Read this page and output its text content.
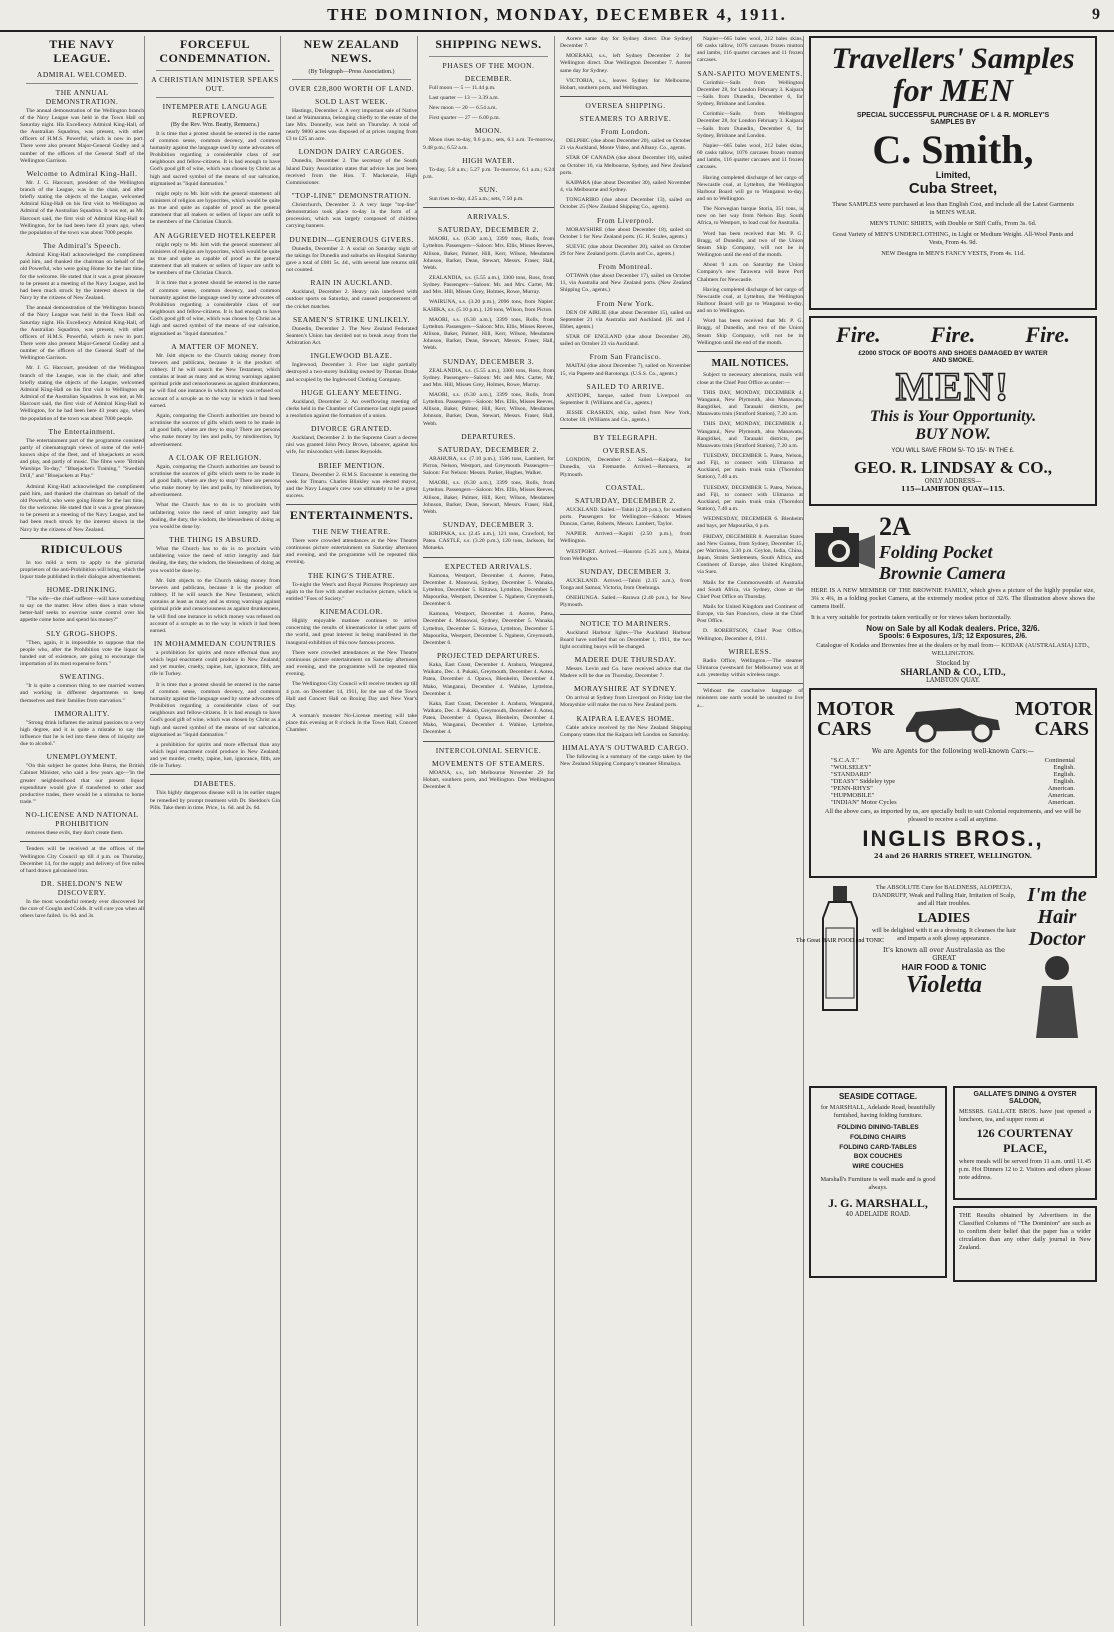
THE DOMINION, MONDAY, DECEMBER 4, 1911.	9
THE NAVY LEAGUE.
ADMIRAL WELCOMED.
THE ANNUAL DEMONSTRATION.

The annual demonstration of the Wellington branch of the Navy League was held in the Town Hall on Saturday night. His Excellency Admiral King-Hall, of the Australian Squadron, was present, with other officers of H.M.S. Powerful, which is now in port. There were also present Major-General Godley and a number of the officers of the General Staff of the Wellington Garrison.

Welcome to Admiral King-Hall.

Mr. J. G. Harcourt, president of the Wellington branch of the League, was in the chair, and after briefly stating the objects of the League, welcomed Admiral King-Hall on his first visit to Wellington as Admiral of the Australian Squadron. It was not, as Mr. Harcourt said, the first visit of Admiral King-Hall to Wellington, for he had been here 43 years ago, when the population of the town was about 7000 people.

The Admiral's Speech.

Admiral King-Hall acknowledged the compliment paid him, and thanked the chairman on behalf of the old Powerful, who were going Home for the last time, for the welcome. He stated that it was a great pleasure to be present at a meeting of the Navy League, and he had been much struck by the interest shown in the Navy by the citizens of New Zealand.

The annual demonstration of the Wellington branch of the Navy League was held in the Town Hall on Saturday night. His Excellency Admiral King-Hall, of the Australian Squadron, was present, with other officers of H.M.S. Powerful, which is now in port. There were also present Major-General Godley and a number of the officers of the General Staff of the Wellington Garrison.

Mr. J. G. Harcourt, president of the Wellington branch of the League, was in the chair, and after briefly stating the objects of the League, welcomed Admiral King-Hall on his first visit to Wellington as Admiral of the Australian Squadron. It was not, as Mr. Harcourt said, the first visit of Admiral King-Hall to Wellington, for he had been here 43 years ago, when the population of the town was about 7000 people.

The Entertainment.

The entertainment part of the programme consisted partly of cinematograph views of some of the well-known ships of the fleet, and of bluejackets at work and play, and partly of music. The films were "British Warships To-day," "Bluejacket's Training," "Swedish Drill," and "Bluejackets at Play."

Admiral King-Hall acknowledged the compliment paid him, and thanked the chairman on behalf of the old Powerful, who were going Home for the last time, for the welcome. He stated that it was a great pleasure to be present at a meeting of the Navy League, and he had been much struck by the interest shown in the Navy by the citizens of New Zealand.

RIDICULOUS

In too mild a term to apply to the pictorial proprietors of the anti-Prohibition will bring, which the liquor trade published in their dialogue advertisement.

HOME-DRINKING.

"The wife—the chief sufferer—will have something to say on the matter. How often does a man whose better-half seeks to exercise some control over his appetite come home and spend his money?"

SLY GROG-SHOPS.

"Then, again, it is impossible to suppose that the people who, after the Prohibition vote the liquor is handed out of existence, are going to encourage the importation of its most expensive form."

SWEATING.

"It is quite a common thing to see married women and working in different departments to keep themselves and their families from starvation."

IMMORALITY.

"Strong drink inflames the animal passions to a very high degree, and it is quite a mistake to say the influence that he is led into these dens of iniquity are due to alcohol."

UNEMPLOYMENT.

"On this subject he quotes John Burns, the British Cabinet Minister, who said a few years ago—'In the greater neighbourhood that our present liquor expenditure would give if transferred to other and productive trades, there would be a stimulus to home trade.'"

NO-LICENSE AND NATIONAL PROHIBITION

removes these evils, they don't create them.

Tenders will be received at the offices of the Wellington City Council up till 4 p.m. on Thursday, December 14, for the supply and delivery of five miles of hard drawn galvanised iron.

DR. SHELDON'S NEW DISCOVERY.

In the most wonderful remedy ever discovered for the cure of Coughs and Colds. It will cure you when all others have failed. 1s. 6d. and 3s.

FORCEFUL CONDEMNATION.
A CHRISTIAN MINISTER SPEAKS OUT.
INTEMPERATE LANGUAGE REPROVED.
(By the Rev. Wm. Beatty, Remuera.)

It is time that a protest should be entered in the name of common sense, common decency, and common humanity against the language used by some advocates of Prohibition regarding a considerable class of our neighbours and fellow-citizens. It is bad enough to have God's good gift of wine, which was chosen by Christ as a high and sacred symbol of the means of our salvation, stigmatised as "liquid damnation."

might reply to Mr. Isitt with the general statement: all ministers of religion are hypocrites, which would be quite as true and quite as capable of proof as the general statement that all makers or sellers of liquor are unfit to be members of the Christian Church.

AN AGGRIEVED HOTELKEEPER

might reply to Mr. Isitt with the general statement: all ministers of religion are hypocrites, which would be quite as true and quite as capable of proof as the general statement that all makers or sellers of liquor are unfit to be members of the Christian Church.

It is time that a protest should be entered in the name of common sense, common decency, and common humanity against the language used by some advocates of Prohibition regarding a considerable class of our neighbours and fellow-citizens. It is bad enough to have God's good gift of wine, which was chosen by Christ as a high and sacred symbol of the means of our salvation, stigmatised as "liquid damnation."

A MATTER OF MONEY.

Mr. Isitt objects to the Church taking money from brewers and publicans, because it is the product of robbery. If he will search the New Testament, which contains at least as many and as strong warnings against spiritual pride and censoriousness as against drunkenness, he will find one instance in which money was refused on account of a scruple as to the way in which it had been earned.

Again, comparing the Church authorities are bound to scrutinise the sources of gifts which seem to be made in all good faith, where are they to stop? There are persons who make money by lies and pulls, by misdirection, by advertisement.

A CLOAK OF RELIGION.

Again, comparing the Church authorities are bound to scrutinise the sources of gifts which seem to be made in all good faith, where are they to stop? There are persons who make money by lies and pulls, by misdirection, by advertisement.

What the Church has to do is to proclaim with unfaltering voice the need of strict integrity and fair dealing, the duty, the wisdom, the blessedness of doing as you would be done by.

THE THING IS ABSURD.

What the Church has to do is to proclaim with unfaltering voice the need of strict integrity and fair dealing, the duty, the wisdom, the blessedness of doing as you would be done by.

Mr. Isitt objects to the Church taking money from brewers and publicans, because it is the product of robbery. If he will search the New Testament, which contains at least as many and as strong warnings against spiritual pride and censoriousness as against drunkenness, he will find one instance in which money was refused on account of a scruple as to the way in which it had been earned.

IN MOHAMMEDAN COUNTRIES

a prohibition for spirits and more effectual than any which legal enactment could produce in New Zealand; and yet murder, cruelty, rapine, lust, ignorance, filth, are rife in Turkey.

It is time that a protest should be entered in the name of common sense, common decency, and common humanity against the language used by some advocates of Prohibition regarding a considerable class of our neighbours and fellow-citizens. It is bad enough to have God's good gift of wine, which was chosen by Christ as a high and sacred symbol of the means of our salvation, stigmatised as "liquid damnation."

a prohibition for spirits and more effectual than any which legal enactment could produce in New Zealand; and yet murder, cruelty, rapine, lust, ignorance, filth, are rife in Turkey.

DIABETES.

This highly dangerous disease will in its earlier stages be remedied by prompt treatment with Dr. Sheldon's Gin Pills. Take them in time. Price, 1s. 6d. and 2s. 6d.

NEW ZEALAND NEWS.
(By Telegraph—Press Association.)
OVER £28,800 WORTH OF LAND.
SOLD LAST WEEK.

Hastings, December 2. A very important sale of Native land at Waimarama, belonging chiefly to the estate of the late Mrs. Donnelly, was held on Thursday. A total of nearly 9800 acres was disposed of at prices ranging from £3 to £25 an acre.

LONDON DAIRY CARGOES.

Dunedin, December 2. The secretary of the South Island Dairy Association states that advice has just been received from the Hon. T. Mackenzie, High Commissioner.

"TOP-LINE" DEMONSTRATION.

Christchurch, December 2. A very large "top-line" demonstration took place to-day in the form of a procession, which was largely composed of children carrying banners.

DUNEDIN—GENEROUS GIVERS.

Dunedin, December 2. A social on Saturday night of the takings for Dunedin and suburbs on Hospital Saturday gave a total of £681 5s. 4d., with several late returns still not counted.

RAIN IN AUCKLAND.

Auckland, December 2. Heavy rain interfered with outdoor sports on Saturday, and caused postponement of the cricket matches.

SEAMEN'S STRIKE UNLIKELY.

Dunedin, December 2. The New Zealand Federated Seamen's Union has decided not to break away from the Arbitration Act.

INGLEWOOD BLAZE.

Inglewood, December 3. Five last night partially destroyed a two-storey building owned by Thomas Drake and occupied by the Inglewood Clothing Company.

HUGE GLEANY MEETING.

Auckland, December 2. An overflowing meeting of clerks held in the Chamber of Commerce last night passed a resolution against the formation of a union.

DIVORCE GRANTED.

Auckland, December 2. In the Supreme Court a decree nisi was granted John Percy Brown, labourer, against his wife, for misconduct with James Reynolds.

BRIEF MENTION.

Timaru, December 2. H.M.S. Encounter is entering the week for Timaru. Charles Blinkley was elected mayor, and the Navy League's crew was ultimately to be a great success.

ENTERTAINMENTS.
THE NEW THEATRE.

There were crowded attendances at the New Theatre continuous picture entertainment on Saturday afternoon and evening, and the programme will be repeated this evening.

THE KING'S THEATRE.

To-night the West's and Royal Pictures Proprietary are again to the fore with another exclusive picture, which is entitled "Foes of Society."

KINEMACOLOR.

Highly enjoyable matinee continues to arrive concerning the results of kinematicolor in other parts of the world, and great interest is being manifested in the inaugural exhibition of this now famous process.

There were crowded attendances at the New Theatre continuous picture entertainment on Saturday afternoon and evening, and the programme will be repeated this evening.

The Wellington City Council will receive tenders up till 4 p.m. on December 14, 1911, for the use of the Town Hall and Concert Hall on Boxing Day and New Year's Day.

A woman's monster No-License meeting will take place this evening at 8 o'clock in the Town Hall, Concert Chamber.

SHIPPING NEWS.
PHASES OF THE MOON.
DECEMBER.

Full moon — 5 — 11.44 p.m.

Last quarter — 13 — 3.39 a.m.

New moon — 20 — 6.54 a.m.

First quarter — 27 — 6.00 p.m.

MOON.

Moon rises to-day, 9.6 p.m.; sets, 6.1 a.m. To-morrow, 9.48 p.m.; 6.52 a.m.

HIGH WATER.

To-day, 5.8 a.m.; 5.27 p.m. To-morrow, 6.1 a.m.; 6.24 p.m.

SUN.

Sun rises to-day, 4.25 a.m.; sets, 7.50 p.m.

ARRIVALS.
SATURDAY, DECEMBER 2.

MAORI, s.s. (6.30 a.m.), 3399 tons, Rolls, from Lyttelton. Passengers—Saloon: Mrs. Ellis, Misses Reeves, Allison, Baker, Palmer, Hill, Kerr, Wilson, Mesdames Johnson, Barker, Dean, Stewart, Messrs. Fraser, Hall, Webb.

ZEALANDIA, s.s. (5.55 a.m.), 3300 tons, Ross, from Sydney. Passengers—Saloon: Mr. and Mrs. Carter, Mr. and Mrs. Hill, Misses Grey, Holmes, Rowe, Murray.

WAIRUNA, s.s. (3.20 p.m.), 2096 tons, from Napier. KAHIKA, s.s. (5.10 p.m.), 120 tons, Wilson, from Picton.

MAORI, s.s. (6.30 a.m.), 3399 tons, Rolls, from Lyttelton. Passengers—Saloon: Mrs. Ellis, Misses Reeves, Allison, Baker, Palmer, Hill, Kerr, Wilson, Mesdames Johnson, Barker, Dean, Stewart, Messrs. Fraser, Hall, Webb.

SUNDAY, DECEMBER 3.

ZEALANDIA, s.s. (5.55 a.m.), 3300 tons, Ross, from Sydney. Passengers—Saloon: Mr. and Mrs. Carter, Mr. and Mrs. Hill, Misses Grey, Holmes, Rowe, Murray.

MAORI, s.s. (6.30 a.m.), 3399 tons, Rolls, from Lyttelton. Passengers—Saloon: Mrs. Ellis, Misses Reeves, Allison, Baker, Palmer, Hill, Kerr, Wilson, Mesdames Johnson, Barker, Dean, Stewart, Messrs. Fraser, Hall, Webb.

DEPARTURES.
SATURDAY, DECEMBER 2.

ARAHURA, s.s. (7.10 p.m.), 1586 tons, Lambert, for Picton, Nelson, Westport, and Greymouth. Passengers—Saloon: For Nelson: Messrs. Parker, Hughes, Walker.

MAORI, s.s. (6.30 a.m.), 3399 tons, Rolls, from Lyttelton. Passengers—Saloon: Mrs. Ellis, Misses Reeves, Allison, Baker, Palmer, Hill, Kerr, Wilson, Mesdames Johnson, Barker, Dean, Stewart, Messrs. Fraser, Hall, Webb.

SUNDAY, DECEMBER 3.

KIRIPAKA, s.s. (2.45 a.m.), 121 tons, Crawford, for Patea. CASTLE, s.s. (3.20 p.m.), 120 tons, Jackson, for Motueka.

EXPECTED ARRIVALS.

Kamona, Westport, December 4. Aorere, Patea, December 4. Monowai, Sydney, December 5. Wanaka, Lyttelton, December 5. Kittawa, Lyttelton, December 5. Mapourika, Westport, December 5. Ngahere, Greymouth, December 6.

Kamona, Westport, December 4. Aorere, Patea, December 4. Monowai, Sydney, December 5. Wanaka, Lyttelton, December 5. Kittawa, Lyttelton, December 5. Mapourika, Westport, December 5. Ngahere, Greymouth, December 6.

PROJECTED DEPARTURES.

Kaka, East Coast, December 4. Arahura, Wanganui, Waikato, Dec. 4. Pukaki, Greymouth, December 4. Aotea, Patea, December 4. Opawa, Blenheim, December 4. Mako, Wanganui, December 4. Wahine, Lyttelton, December 4.

Kaka, East Coast, December 4. Arahura, Wanganui, Waikato, Dec. 4. Pukaki, Greymouth, December 4. Aotea, Patea, December 4. Opawa, Blenheim, December 4. Mako, Wanganui, December 4. Wahine, Lyttelton, December 4.

INTERCOLONIAL SERVICE.
MOVEMENTS OF STEAMERS.

MOANA, s.s., left Melbourne November 29 for Hobart, southern ports, and Wellington. Due Wellington December 8.

Aorere same day for Sydney direct. Due Sydney December 7.

MOERAKI, s.s., left Sydney December 2 for Wellington direct. Due Wellington December 7. Aorere same day for Sydney.

VICTORIA, s.s., leaves Sydney for Melbourne, Hobart, southern ports, and Wellington.

OVERSEA SHIPPING.
STEAMERS TO ARRIVE.
From London.

DELPHIC (due about December 20), sailed on October 21 via Auckland, Monte Video, and Albany. Co., agents.

STAR OF CANADA (due about December 18), sailed on October 16, via Melbourne, Sydney, and New Zealand ports.

KAIPARA (due about December 30), sailed November 4, via Melbourne and Sydney.

TONGARIRO (due about December 13), sailed on October 25 (New Zealand Shipping Co., agents).

From Liverpool.

MORAYSHIRE (due about December 18), sailed on October 1 for New Zealand ports. (G. H. Scales, agents.)

SUEVIC (due about December 20), sailed on October 29 for New Zealand ports. (Levin and Co., agents.)

From Montreal.

OTTAWA (due about December 17), sailed on October 11, via Australia and New Zealand ports. (New Zealand Shipping Co., agents.)

From New York.

DEN OF AIRLIE (due about December 15), sailed on September 21 via Australia and Auckland. (H. and J. Ebbet, agents.)

STAR OF ENGLAND (due about December 28), sailed on October 23 via Auckland.

From San Francisco.

MAITAI (due about December 7), sailed on November 15, via Papeete and Rarotonga. (U.S.S. Co., agents.)

SAILED TO ARRIVE.

ANTIOPE, barque, sailed from Liverpool on September 8. (Williams and Co., agents.)

JESSIE CRASKEN, ship, sailed from New York, October 18. (Williams and Co., agents.)

BY TELEGRAPH.
OVERSEAS.

LONDON, December 2. Sailed.—Kaipara, for Dunedin, via Fremantle. Arrived.—Remuera, at Plymouth.

COASTAL.
SATURDAY, DECEMBER 2.

AUCKLAND. Sailed.—Tahiti (2.20 p.m.), for southern ports. Passengers for Wellington—Saloon: Misses Duncan, Carter, Roberts, Messrs. Lambert, Taylor.

NAPIER. Arrived.—Kapiti (2.50 p.m.), from Wellington.

WESTPORT. Arrived.—Hauroto (5.25 a.m.), Maitai, from Wellington.

SUNDAY, DECEMBER 3.

AUCKLAND. Arrived.—Tahiti (2.15 a.m.), from Tonga and Samoa; Victoria, from Onehunga.

ONEHUNGA. Sailed.—Rarawa (2.40 p.m.), for New Plymouth.

NOTICE TO MARINERS.

Auckland Harbour lights—The Auckland Harbour Board have notified that on December 1, 1911, the two light occulting buoys will be changed.

MADERE DUE THURSDAY.

Messrs. Levin and Co. have received advice that the Madere will be due on Thursday, December 7.

MORAYSHIRE AT SYDNEY.

On arrival at Sydney from Liverpool on Friday last the Morayshire will make the run to New Zealand ports.

KAIPARA LEAVES HOME.

Cable advice received by the New Zealand Shipping Company states that the Kaipara left London on Saturday.

HIMALAYA'S OUTWARD CARGO.

The following is a summary of the cargo taken by the New Zealand Shipping Company's steamer Himalaya.

Napier—665 bales wool, 212 bales skins, 60 casks tallow, 1076 carcases frozen mutton and lambs, 116 quarter carcases and 11 frozen carcases.

SAN-SAPITO MOVEMENTS.

Corinthic—Sails from Wellington December 28, for London February 3. Kaipara—Sails from Dunedin, December 6, for Sydney, Brisbane and London.

Corinthic—Sails from Wellington December 28, for London February 3. Kaipara—Sails from Dunedin, December 6, for Sydney, Brisbane and London.

Napier—665 bales wool, 212 bales skins, 60 casks tallow, 1076 carcases frozen mutton and lambs, 116 quarter carcases and 11 frozen carcases.

Having completed discharge of her cargo of Newcastle coal, at Lyttelton, the Wellington Harbour Board will go to Wanganui to-day, and on to Wellington.

The Norwegian barque Storia, 351 tons, is now on her way from Nelson Bay. South Africa, to Westport, to load coal for Australia.

Word has been received that Mr. P. G. Bragg, of Dunedin, and two of the Union Steam Ship Company, will not be in Wellington until the end of the month.

About 9 a.m. on Saturday the Union Company's new Tarawera will leave Port Chalmers for Newcastle.

Having completed discharge of her cargo of Newcastle coal, at Lyttelton, the Wellington Harbour Board will go to Wanganui to-day, and on to Wellington.

Word has been received that Mr. P. G. Bragg, of Dunedin, and two of the Union Steam Ship Company, will not be in Wellington until the end of the month.

MAIL NOTICES.

Subject to necessary alterations, mails will close at the Chief Post Office as under:—

THIS DAY, MONDAY, DECEMBER 4. Wanganui, New Plymouth, also Manawatu, Rangitikei, and Taranaki districts, per Manawatu train (Stratford Station), 7.20 a.m.

THIS DAY, MONDAY, DECEMBER 4. Wanganui, New Plymouth, also Manawatu, Rangitikei, and Taranaki districts, per Manawatu train (Stratford Station), 7.20 a.m.

TUESDAY, DECEMBER 5. Patea, Nelson, and Fiji, to connect with Ulimaroa at Auckland, per main trunk train (Thorndon Station), 7.40 a.m.

TUESDAY, DECEMBER 5. Patea, Nelson, and Fiji, to connect with Ulimaroa at Auckland, per main trunk train (Thorndon Station), 7.40 a.m.

WEDNESDAY, DECEMBER 6. Blenheim and bays, per Mapourika, 6 p.m.

FRIDAY, DECEMBER 8. Australian States and New Guinea, from Sydney, December 15, per Warrimoo, 3.30 p.m. Ceylon, India, China, Japan, Straits Settlements, South Africa, and Continent of Europe, also United Kingdom, via Suez.

Mails for the Commonwealth of Australia and South Africa, via Sydney, close at the Chief Post Office on Thursday.

Mails for United Kingdom and Continent of Europe, via San Francisco, close at the Chief Post Office.

D. ROBERTSON, Chief Post Office, Wellington, December 4, 1911.

WIRELESS.

Radio Office, Wellington.—The steamer Ulimaroa (westward for Melbourne) was at 8 a.m. yesterday within wireless range.

Without the conclusive language of ministers one earth would be unsuited to live a...

Travellers' Samples
for MEN
SPECIAL SUCCESSFUL PURCHASE OF I. & R. MORLEY'S SAMPLES BY
C. Smith,
Limited,
Cuba Street,

These SAMPLES were purchased at less than English Cost, and include all the Latest Garments in MEN'S WEAR.

MEN'S TUNIC SHIRTS, with Double or Stiff Cuffs, From 3s. 6d.

Great Variety of MEN'S UNDERCLOTHING, in Light or Medium Weight. All-Wool Pants and Vests, From 4s. 9d.

NEW Designs in MEN'S FANCY VESTS, From 4s. 11d.

Fire. Fire. Fire.
£2000 STOCK OF BOOTS AND SHOES DAMAGED BY WATER AND SMOKE.
MEN!
This is Your Opportunity.
BUY NOW.
YOU WILL SAVE FROM 5/- TO 15/- IN THE £.
GEO. R. LINDSAY & CO.,
ONLY ADDRESS—
115—LAMBTON QUAY—115.
2A
Folding Pocket
Brownie Camera

HERE IS A NEW MEMBER OF THE BROWNIE FAMILY, which gives a picture of the highly popular size, 3¼ x 4¼, in a folding pocket Camera, at the extremely modest price of 32/6. The illustration above shows the camera itself.

It is a very suitable for portraits taken vertically or for views taken horizontally.

Now on Sale by all Kodak dealers. Price, 32/6.
Spools: 6 Exposures, 1/3; 12 Exposures, 2/6.

Catalogue of Kodaks and Brownies free at the dealers or by mail from— KODAK (AUSTRALASIA) LTD., WELLINGTON.

Stocked by
SHARLAND & CO., LTD.,
LAMBTON QUAY.
MOTOR CARS
MOTOR CARS
We are Agents for the following well-known Cars:—
"S.C.A.T."	Continental
"WOLSELEY"	English.
"STANDARD"	English.
"DEASY" Siddeley type	English.
"PENN-RHYS"	American.
"HUPMOBILE"	American.
"INDIAN" Motor Cycles	American.

All the above cars, as imported by us, are specially built to suit Colonial requirements, and we will be pleased to receive a call at anytime.

INGLIS BROS.,
24 and 26 HARRIS STREET, WELLINGTON.
The Great HAIR FOOD and TONIC

The ABSOLUTE Cure for BALDNESS, ALOPECIA, DANDRUFF, Weak and Falling Hair, Irritation of Scalp, and all Hair troubles.

LADIES

will be delighted with it as a dressing. It cleanses the hair and imparts a soft glossy appearance.

It's known all over Australasia as the GREAT
HAIR FOOD & TONIC
Violetta
I'm the Hair Doctor
SEASIDE COTTAGE.

for MARSHALL, Adelaide Road, beautifully furnished, having folding furniture.

FOLDING DINING-TABLES
FOLDING CHAIRS
FOLDING CARD-TABLES
BOX COUCHES
WIRE COUCHES

Marshall's Furniture is well made and is good always.

J. G. MARSHALL,
40 ADELAIDE ROAD.
GALLATE'S DINING & OYSTER SALOON,

MESSRS. GALLATE BROS. have just opened a luncheon, tea, and supper room at

126 COURTENAY PLACE,

where meals will be served from 11 a.m. until 11.45 p.m. Hot Dinners 12 to 2. Visitors and others please note address.

THE Results obtained by Advertisers in the Classified Columns of "The Dominion" are such as to confirm their belief that the paper has a wider circulation than any other daily journal in New Zealand.
